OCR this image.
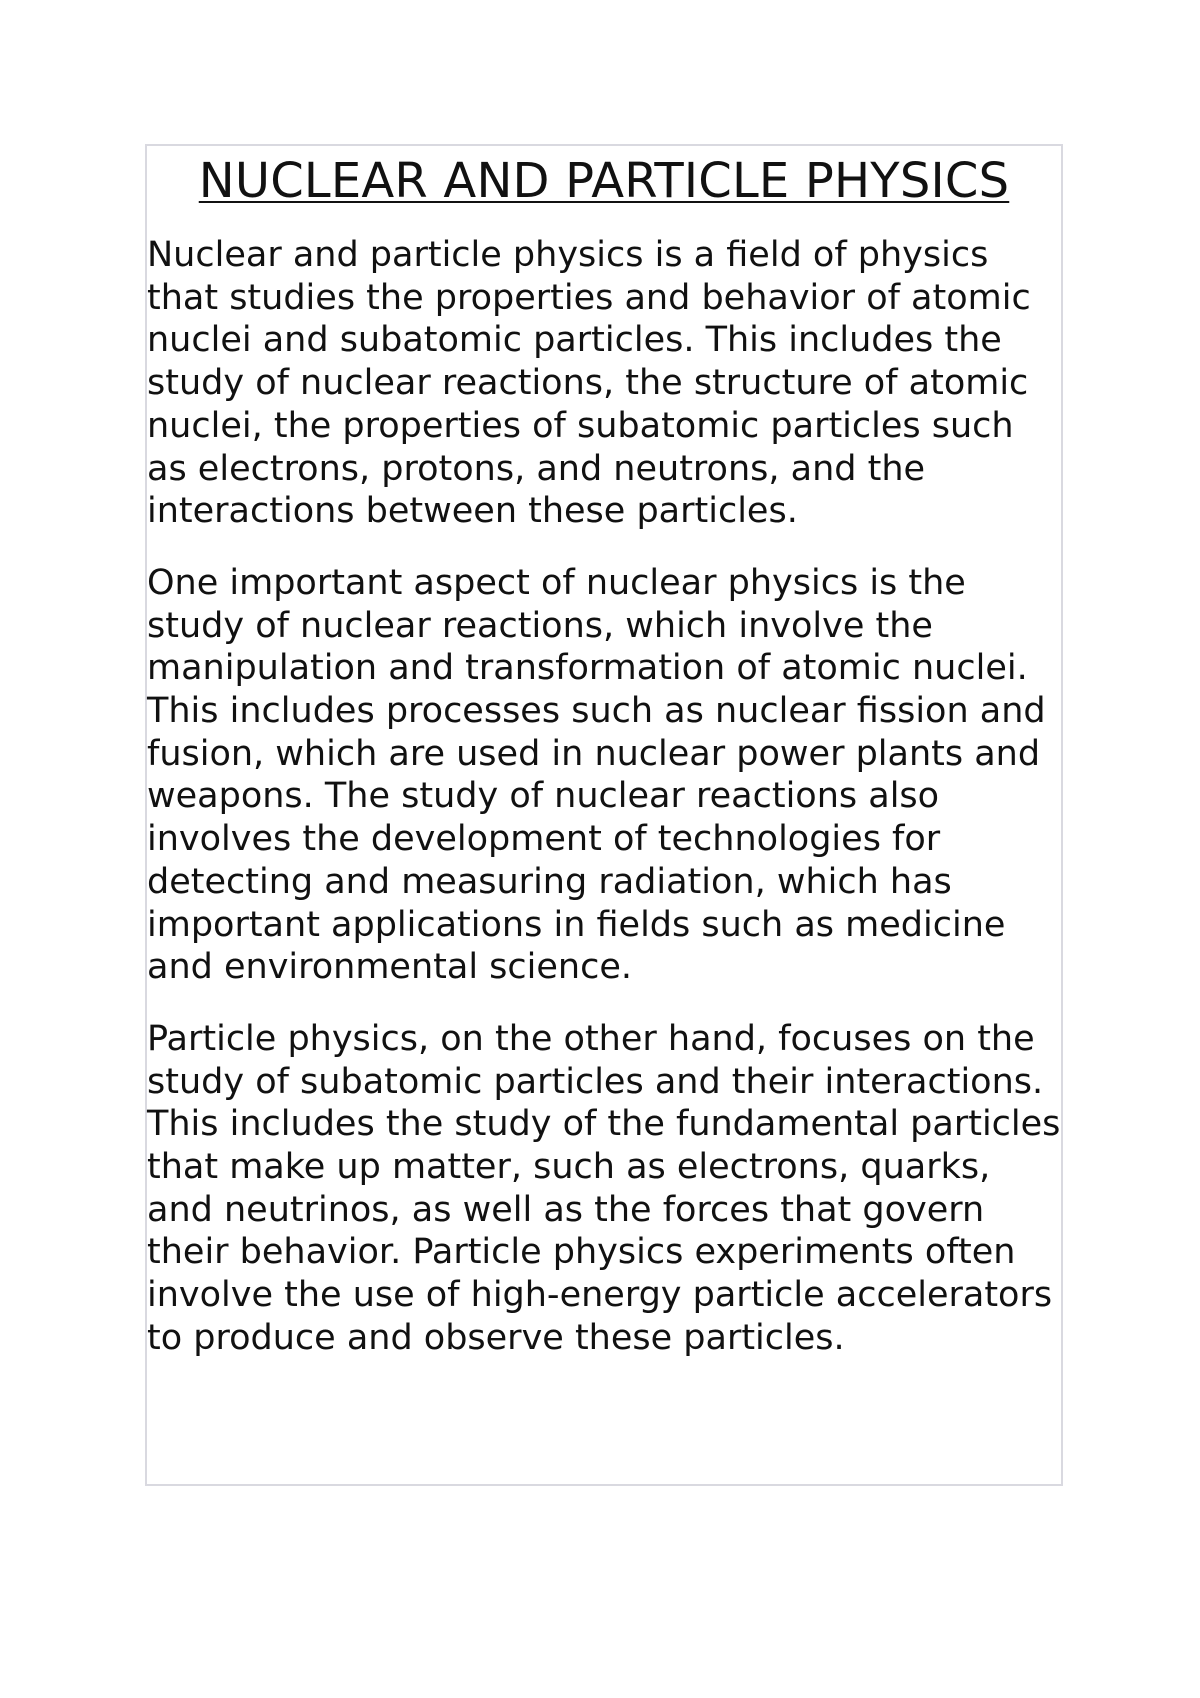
NUCLEAR AND PARTICLE PHYSICS

Nuclear and particle physics is a field of physics that studies the properties and behavior of atomic nuclei and subatomic particles. This includes the study of nuclear reactions, the structure of atomic nuclei, the properties of subatomic particles such as electrons, protons, and neutrons, and the interactions between these particles.

One important aspect of nuclear physics is the study of nuclear reactions, which involve the manipulation and transformation of atomic nuclei. This includes processes such as nuclear fission and fusion, which are used in nuclear power plants and weapons. The study of nuclear reactions also involves the development of technologies for detecting and measuring radiation, which has important applications in fields such as medicine and environmental science.

Particle physics, on the other hand, focuses on the study of subatomic particles and their interactions. This includes the study of the fundamental particles that make up matter, such as electrons, quarks, and neutrinos, as well as the forces that govern their behavior. Particle physics experiments often involve the use of high-energy particle accelerators to produce and observe these particles.
